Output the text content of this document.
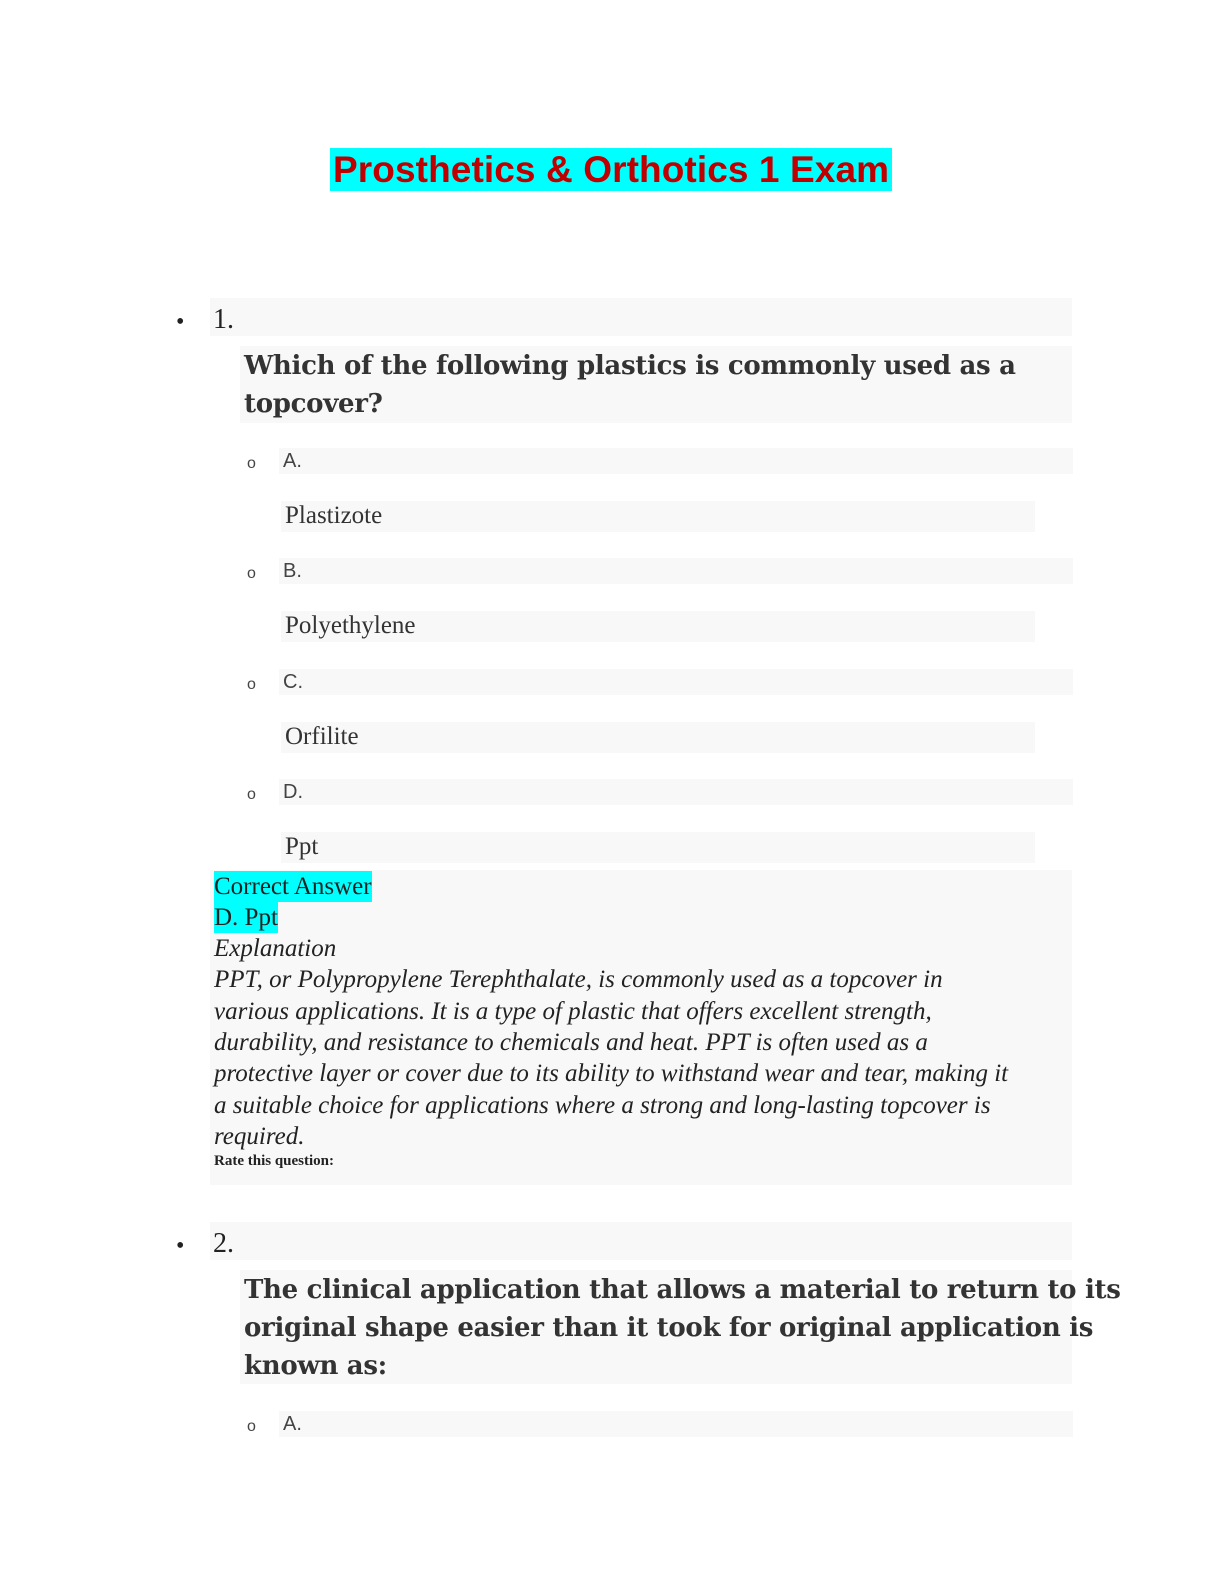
Prosthetics & Orthotics 1 Exam
• 1.
Which of the following plastics is commonly used as a
topcover?
o A.
Plastizote
o B.
Polyethylene
o C.
Orfilite
o D.
Ppt
Correct Answer
D. Ppt
Explanation
PPT, or Polypropylene Terephthalate, is commonly used as a topcover in
various applications. It is a type of plastic that offers excellent strength,
durability, and resistance to chemicals and heat. PPT is often used as a
protective layer or cover due to its ability to withstand wear and tear, making it
a suitable choice for applications where a strong and long-lasting topcover is
required.
Rate this question:
• 2.
The clinical application that allows a material to return to its
original shape easier than it took for original application is
known as:
o A.
